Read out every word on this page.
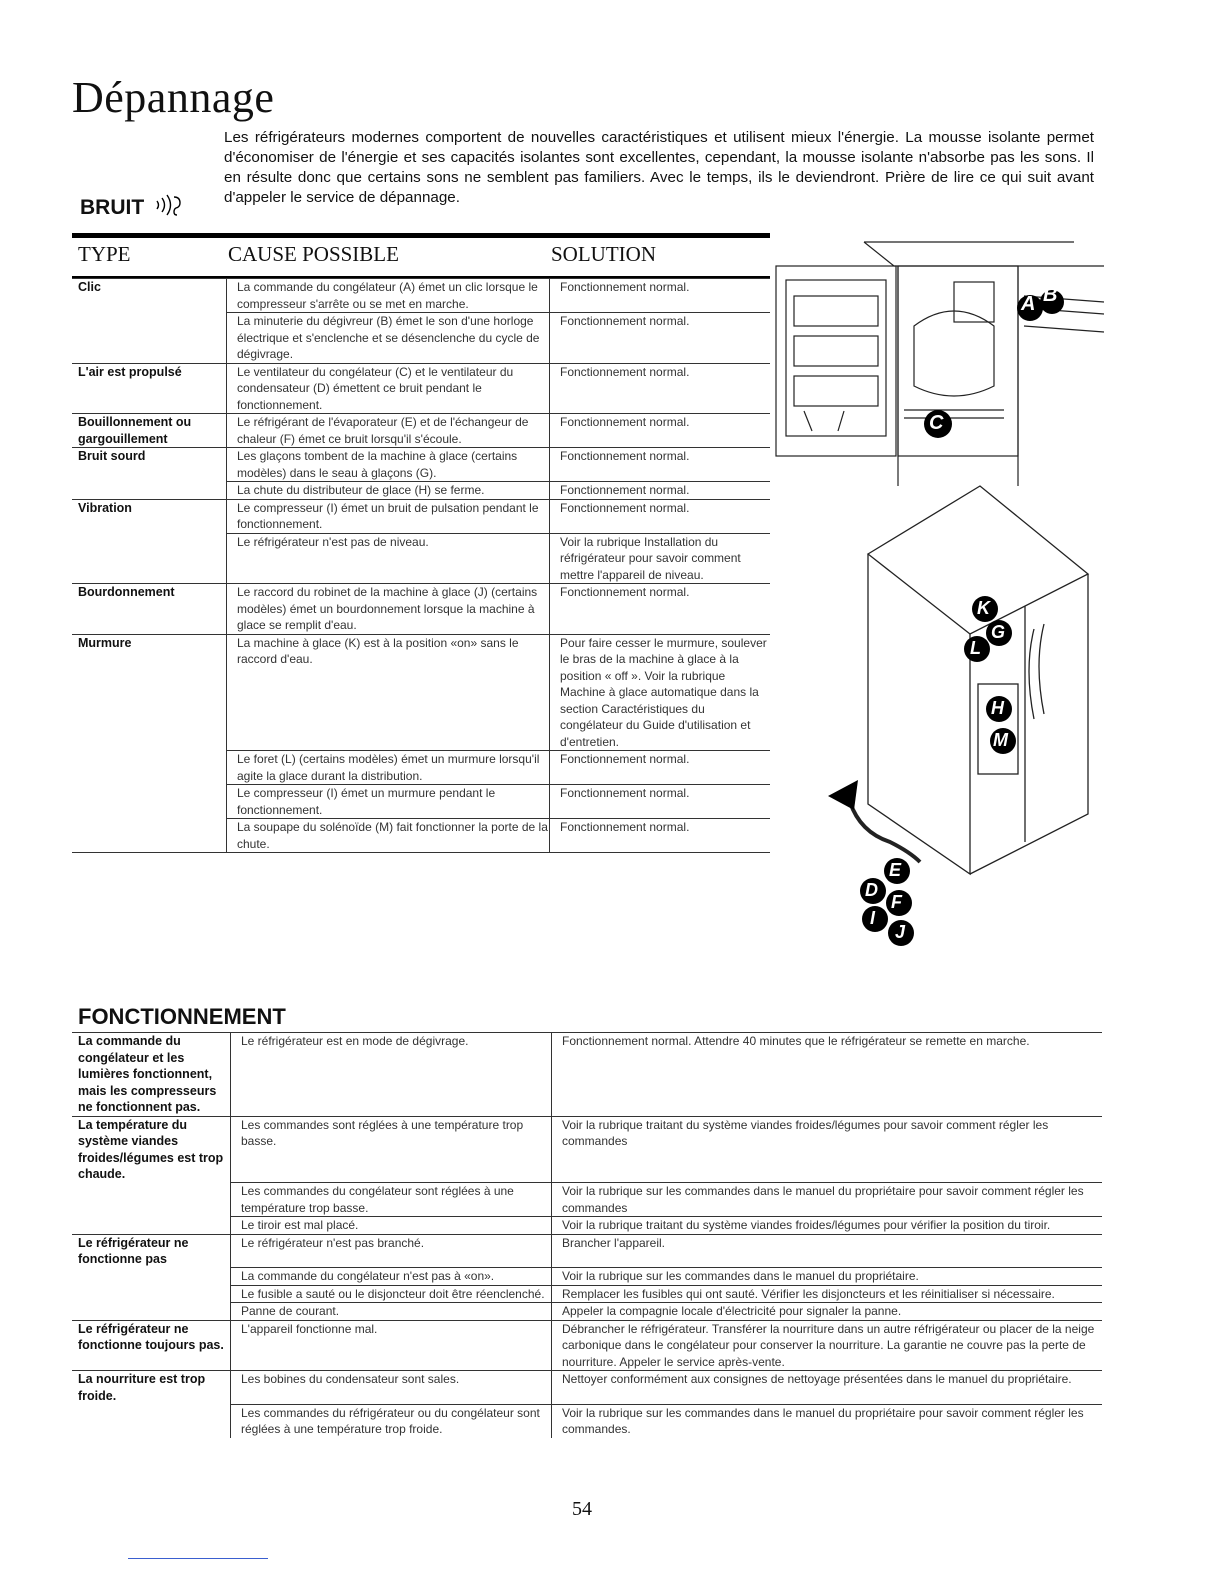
Dépannage
BRUIT
Les réfrigérateurs modernes comportent de nouvelles caractéristiques et utilisent mieux l'énergie. La mousse isolante permet d'économiser de l'énergie et ses capacités isolantes sont excellentes, cependant, la mousse isolante n'absorbe pas les sons. Il en résulte donc que certains sons ne semblent pas familiers. Avec le temps, ils le deviendront. Prière de lire ce qui suit avant d'appeler le service de dépannage.
TYPE	CAUSE POSSIBLE	SOLUTION
Clic	La commande du congélateur (A) émet un clic lorsque le compresseur s'arrête ou se met en marche.	Fonctionnement normal.
	La minuterie du dégivreur (B) émet le son d'une horloge électrique et s'enclenche et se désenclenche du cycle de dégivrage.	Fonctionnement normal.
L'air est propulsé	Le ventilateur du congélateur (C) et le ventilateur du condensateur (D) émettent ce bruit pendant le fonctionnement.	Fonctionnement normal.
Bouillonnement ou gargouillement	Le réfrigérant de l'évaporateur (E) et de l'échangeur de chaleur (F) émet ce bruit lorsqu'il s'écoule.	Fonctionnement normal.
Bruit sourd	Les glaçons tombent de la machine à glace (certains modèles) dans le seau à glaçons (G).	Fonctionnement normal.
	La chute du distributeur de glace (H) se ferme.	Fonctionnement normal.
Vibration	Le compresseur (I) émet un bruit de pulsation pendant le fonctionnement.	Fonctionnement normal.
	Le réfrigérateur n'est pas de niveau.	Voir la rubrique Installation du réfrigérateur pour savoir comment mettre l'appareil de niveau.
Bourdonnement	Le raccord du robinet de la machine à glace (J) (certains modèles) émet un bourdonnement lorsque la machine à glace se remplit d'eau.	Fonctionnement normal.
Murmure	La machine à glace (K) est à la position «on» sans le raccord d'eau.	Pour faire cesser le murmure, soulever le bras de la machine à glace à la position « off ». Voir la rubrique Machine à glace automatique dans la section Caractéristiques du congélateur du Guide d'utilisation et d'entretien.
	Le foret (L) (certains modèles) émet un murmure lorsqu'il agite la glace durant la distribution.	Fonctionnement normal.
	Le compresseur (I) émet un murmure pendant le fonctionnement.	Fonctionnement normal.
	La soupape du solénoïde (M) fait fonctionner la porte de la chute.	Fonctionnement normal.
A B
C
K
G
L
H
M
E
D
F
I
J
FONCTIONNEMENT
La commande du congélateur et les lumières fonctionnent, mais les compresseurs ne fonctionnent pas.	Le réfrigérateur est en mode de dégivrage.	Fonctionnement normal. Attendre 40 minutes que le réfrigérateur se remette en marche.
La température du système viandes froides/légumes est trop chaude.	Les commandes sont réglées à une température trop basse.	Voir la rubrique traitant du système viandes froides/légumes pour savoir comment régler les commandes
	Les commandes du congélateur sont réglées à une température trop basse.	Voir la rubrique sur les commandes dans le manuel du propriétaire pour savoir comment régler les commandes
	Le tiroir est mal placé.	Voir la rubrique traitant du système viandes froides/légumes pour vérifier la position du tiroir.
Le réfrigérateur ne fonctionne pas	Le réfrigérateur n'est pas branché.	Brancher l'appareil.
	La commande du congélateur n'est pas à «on».	Voir la rubrique sur les commandes dans le manuel du propriétaire.
	Le fusible a sauté ou le disjoncteur doit être réenclenché.	Remplacer les fusibles qui ont sauté. Vérifier les disjoncteurs et les réinitialiser si nécessaire.
	Panne de courant.	Appeler la compagnie locale d'électricité pour signaler la panne.
Le réfrigérateur ne fonctionne toujours pas.	L'appareil fonctionne mal.	Débrancher le réfrigérateur. Transférer la nourriture dans un autre réfrigérateur ou placer de la neige carbonique dans le congélateur pour conserver la nourriture. La garantie ne couvre pas la perte de nourriture. Appeler le service après-vente.
La nourriture est trop froide.	Les bobines du condensateur sont sales.	Nettoyer conformément aux consignes de nettoyage présentées dans le manuel du propriétaire.
	Les commandes du réfrigérateur ou du congélateur sont réglées à une température trop froide.	Voir la rubrique sur les commandes dans le manuel du propriétaire pour savoir comment régler les commandes.
54
